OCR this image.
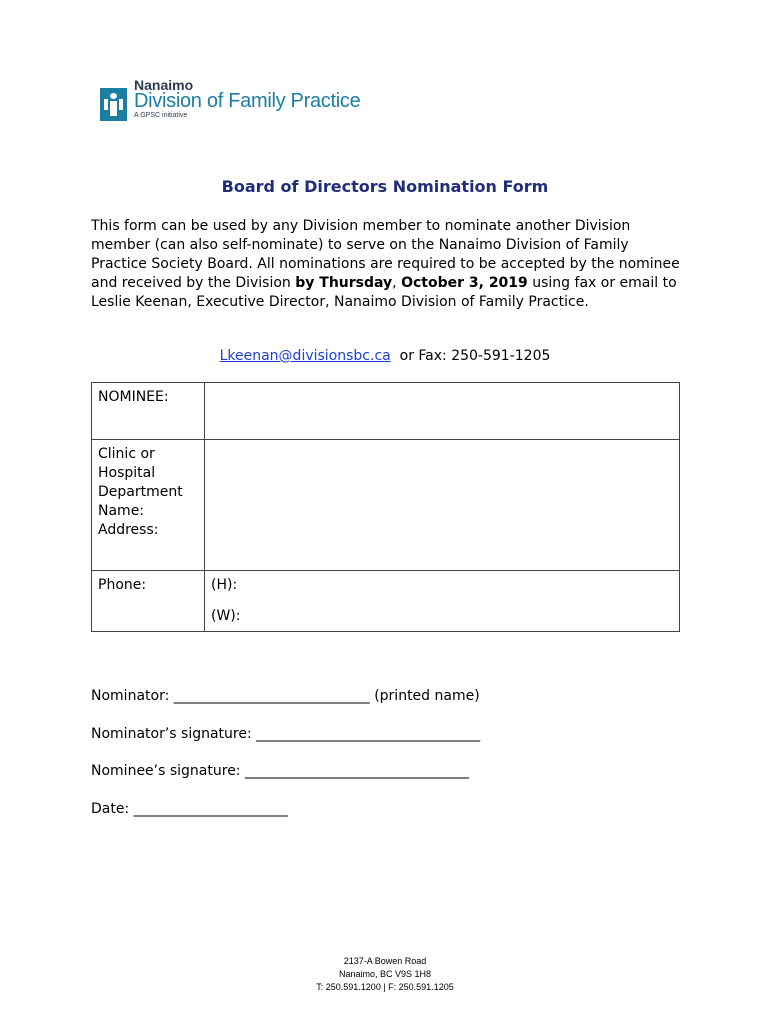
Nanaimo
Division of Family Practice
A GPSC initiative
Board of Directors Nomination Form

This form can be used by any Division member to nominate another Division member (can also self-nominate) to serve on the Nanaimo Division of Family Practice Society Board. All nominations are required to be accepted by the nominee and received by the Division by Thursday, October 3, 2019 using fax or email to Leslie Keenan, Executive Director, Nanaimo Division of Family Practice.

Lkeenan@divisionsbc.ca  or Fax: 250-591-1205
NOMINEE:	

Clinic or Hospital Department Name:
Address:	

Phone:	(H):
(W):
Nominator: ____________________________ (printed name)
Nominator’s signature: ________________________________
Nominee’s signature: ________________________________
Date: ______________________
2137-A Bowen Road
Nanaimo, BC V9S 1H8
T: 250.591.1200 | F: 250.591.1205
